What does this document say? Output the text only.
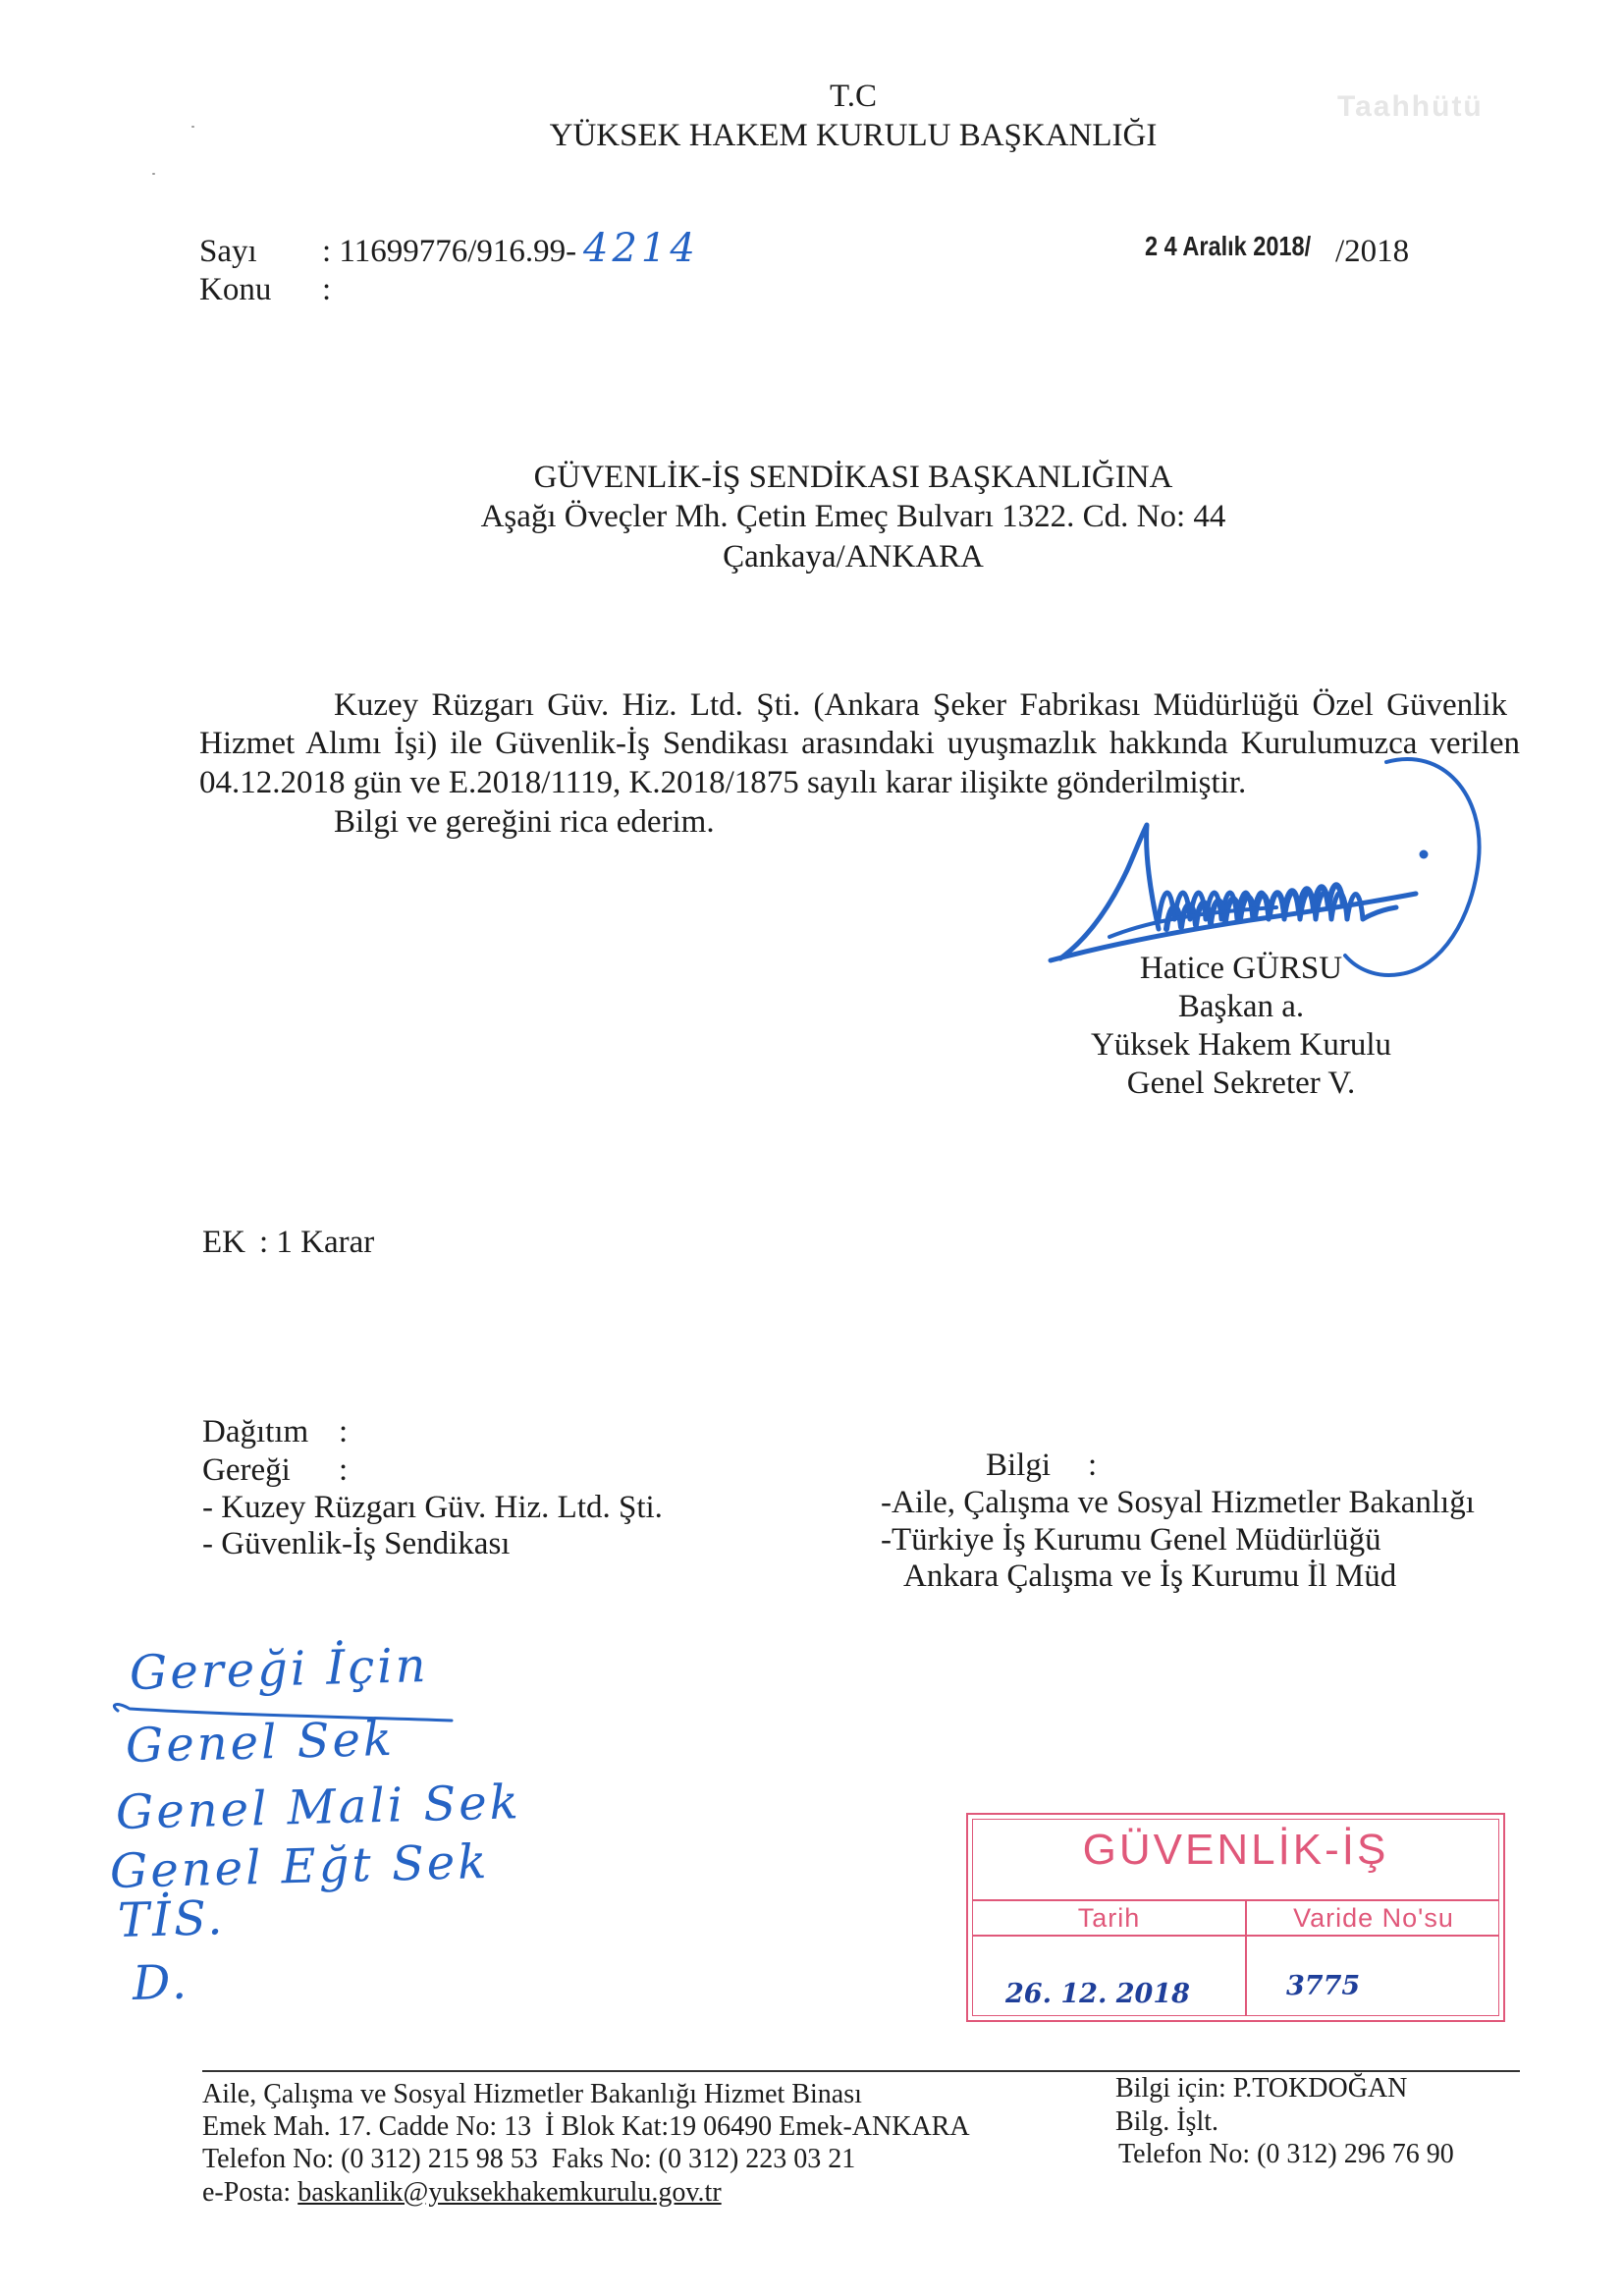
Taahhütü
T.C
YÜKSEK HAKEM KURULU BAŞKANLIĞI
Sayı : 11699776/916.99- 4214	2 4 Aralık 2018/ /2018
Konu :
GÜVENLİK-İŞ SENDİKASI BAŞKANLIĞINA
Aşağı Öveçler Mh. Çetin Emeç Bulvarı 1322. Cd. No: 44
Çankaya/ANKARA
Kuzey Rüzgarı Güv. Hiz. Ltd. Şti. (Ankara Şeker Fabrikası Müdürlüğü Özel Güvenlik
Hizmet Alımı İşi) ile Güvenlik-İş Sendikası arasındaki uyuşmazlık hakkında Kurulumuzca verilen
04.12.2018 gün ve E.2018/1119, K.2018/1875 sayılı karar ilişikte gönderilmiştir.
Bilgi ve gereğini rica ederim.
Hatice GÜRSU
Başkan a.
Yüksek Hakem Kurulu
Genel Sekreter V.
EK : 1 Karar
Dağıtım :
Gereği :
- Kuzey Rüzgarı Güv. Hiz. Ltd. Şti.
- Güvenlik-İş Sendikası
Bilgi :
-Aile, Çalışma ve Sosyal Hizmetler Bakanlığı
-Türkiye İş Kurumu Genel Müdürlüğü
Ankara Çalışma ve İş Kurumu İl Müd
Gereği İçin
Genel Sek
Genel Mali Sek
Genel Eğt Sek
TİS.
D.
GÜVENLİK-İŞ
Tarih	Varide No'su
26. 12. 2018	3775
Aile, Çalışma ve Sosyal Hizmetler Bakanlığı Hizmet Binası
Emek Mah. 17. Cadde No: 13  İ Blok Kat:19 06490 Emek-ANKARA
Telefon No: (0 312) 215 98 53  Faks No: (0 312) 223 03 21
e-Posta: baskanlik@yuksekhakemkurulu.gov.tr
Bilgi için: P.TOKDOĞAN
Bilg. İşlt.
Telefon No: (0 312) 296 76 90
